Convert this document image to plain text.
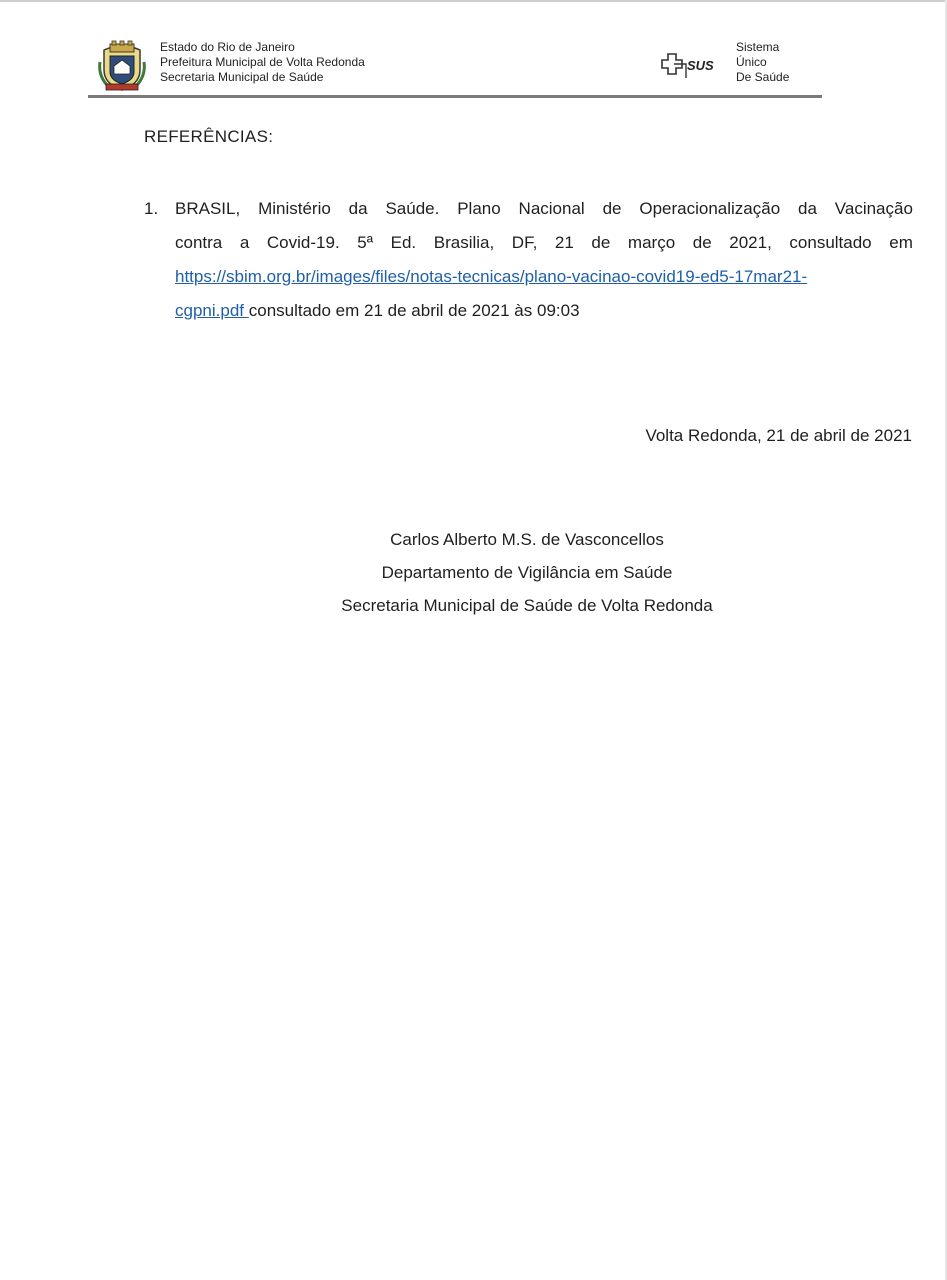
Estado do Rio de Janeiro
Prefeitura Municipal de Volta Redonda
Secretaria Municipal de Saúde
SUS
Sistema
Único
De Saúde
REFERÊNCIAS:
1. BRASIL, Ministério da Saúde. Plano Nacional de Operacionalização da Vacinação
contra a Covid-19. 5ª Ed. Brasilia, DF, 21 de março de 2021, consultado em
https://sbim.org.br/images/files/notas-tecnicas/plano-vacinao-covid19-ed5-17mar21-
cgpni.pdf consultado em 21 de abril de 2021 às 09:03
Volta Redonda, 21 de abril de 2021
Carlos Alberto M.S. de Vasconcellos
Departamento de Vigilância em Saúde
Secretaria Municipal de Saúde de Volta Redonda
